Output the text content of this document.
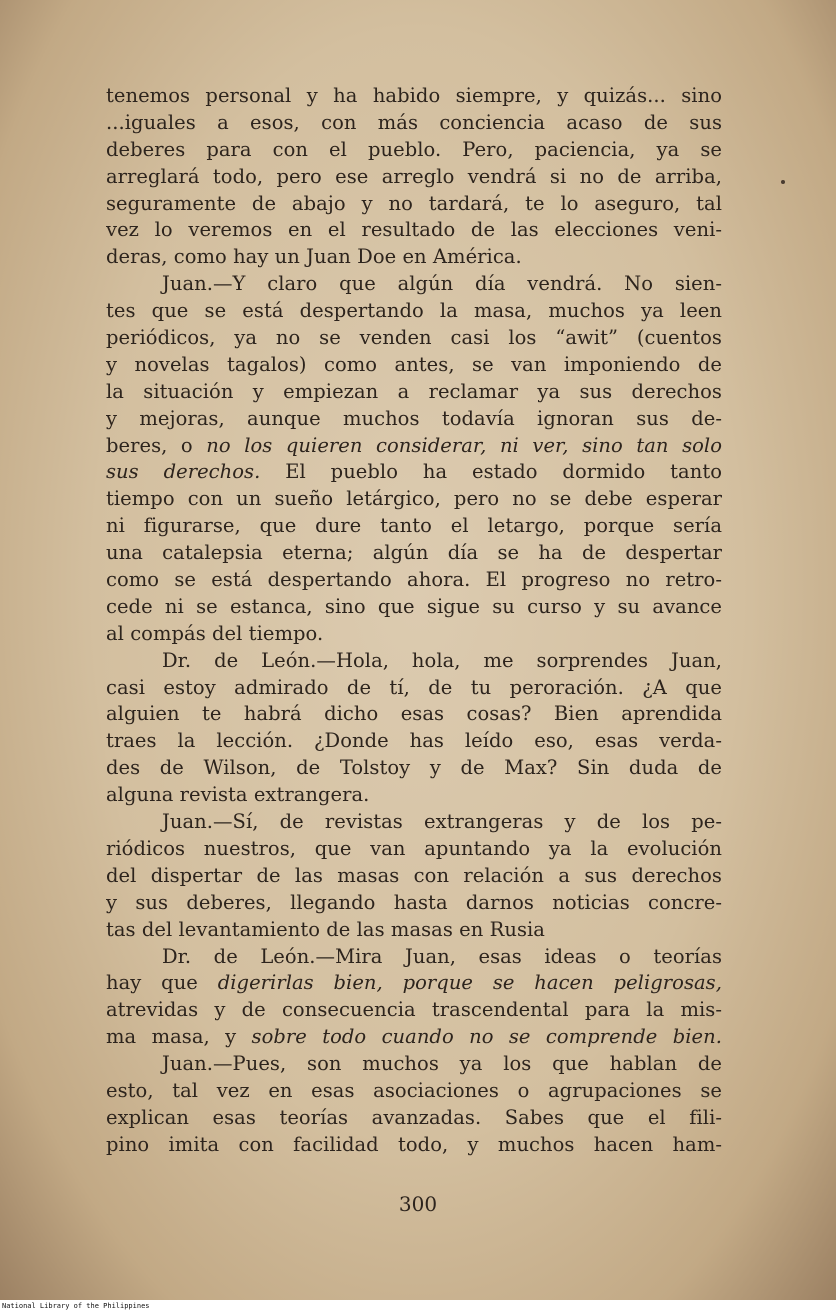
tenemos personal y ha habido siempre, y quizás... sino
...iguales a esos, con más conciencia acaso de sus
deberes para con el pueblo. Pero, paciencia, ya se
arreglará todo, pero ese arreglo vendrá si no de arriba,
seguramente de abajo y no tardará, te lo aseguro, tal
vez lo veremos en el resultado de las elecciones veni-
deras, como hay un Juan Doe en América.
Juan.—Y claro que algún día vendrá. No sien-
tes que se está despertando la masa, muchos ya leen
periódicos, ya no se venden casi los “awit” (cuentos
y novelas tagalos) como antes, se van imponiendo de
la situación y empiezan a reclamar ya sus derechos
y mejoras, aunque muchos todavía ignoran sus de-
beres, o no los quieren considerar, ni ver, sino tan solo
sus derechos. El pueblo ha estado dormido tanto
tiempo con un sueño letárgico, pero no se debe esperar
ni figurarse, que dure tanto el letargo, porque sería
una catalepsia eterna; algún día se ha de despertar
como se está despertando ahora. El progreso no retro-
cede ni se estanca, sino que sigue su curso y su avance
al compás del tiempo.
Dr. de León.—Hola, hola, me sorprendes Juan,
casi estoy admirado de tí, de tu peroración. ¿A que
alguien te habrá dicho esas cosas? Bien aprendida
traes la lección. ¿Donde has leído eso, esas verda-
des de Wilson, de Tolstoy y de Max? Sin duda de
alguna revista extrangera.
Juan.—Sí, de revistas extrangeras y de los pe-
riódicos nuestros, que van apuntando ya la evolución
del dispertar de las masas con relación a sus derechos
y sus deberes, llegando hasta darnos noticias concre-
tas del levantamiento de las masas en Rusia
Dr. de León.—Mira Juan, esas ideas o teorías
hay que digerirlas bien, porque se hacen peligrosas,
atrevidas y de consecuencia trascendental para la mis-
ma masa, y sobre todo cuando no se comprende bien.
Juan.—Pues, son muchos ya los que hablan de
esto, tal vez en esas asociaciones o agrupaciones se
explican esas teorías avanzadas. Sabes que el fili-
pino imita con facilidad todo, y muchos hacen ham-
300
National Library of the Philippines
